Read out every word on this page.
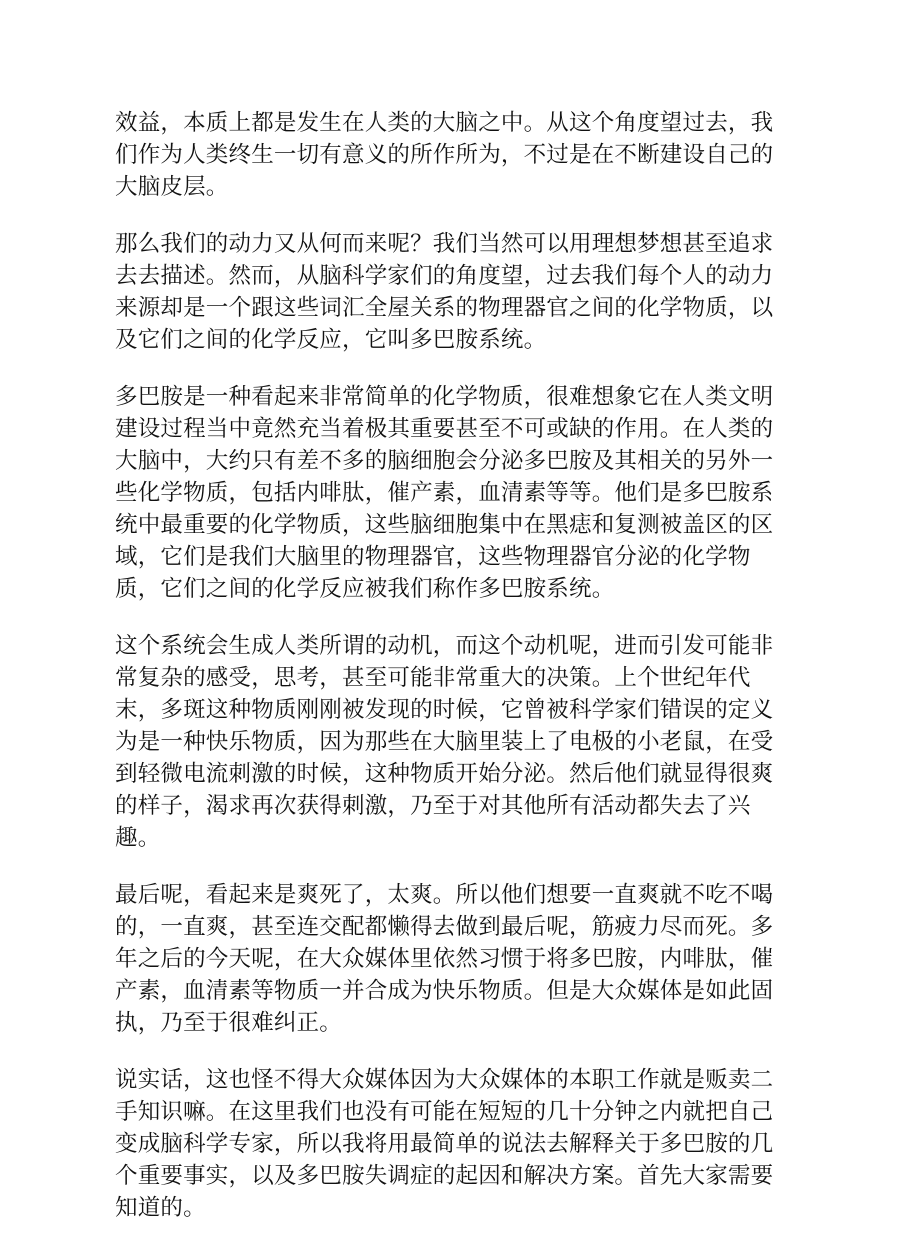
效益，本质上都是发生在人类的大脑之中。从这个角度望过去，我们作为人类终生一切有意义的所作所为，不过是在不断建设自己的大脑皮层。

那么我们的动力又从何而来呢？我们当然可以用理想梦想甚至追求去去描述。然而，从脑科学家们的角度望，过去我们每个人的动力来源却是一个跟这些词汇全屋关系的物理器官之间的化学物质，以及它们之间的化学反应，它叫多巴胺系统。

多巴胺是一种看起来非常简单的化学物质，很难想象它在人类文明建设过程当中竟然充当着极其重要甚至不可或缺的作用。在人类的大脑中，大约只有差不多的脑细胞会分泌多巴胺及其相关的另外一些化学物质，包括内啡肽，催产素，血清素等等。他们是多巴胺系统中最重要的化学物质，这些脑细胞集中在黑痣和复测被盖区的区域，它们是我们大脑里的物理器官，这些物理器官分泌的化学物质，它们之间的化学反应被我们称作多巴胺系统。

这个系统会生成人类所谓的动机，而这个动机呢，进而引发可能非常复杂的感受，思考，甚至可能非常重大的决策。上个世纪年代末，多斑这种物质刚刚被发现的时候，它曾被科学家们错误的定义为是一种快乐物质，因为那些在大脑里装上了电极的小老鼠，在受到轻微电流刺激的时候，这种物质开始分泌。然后他们就显得很爽的样子，渴求再次获得刺激，乃至于对其他所有活动都失去了兴趣。

最后呢，看起来是爽死了，太爽。所以他们想要一直爽就不吃不喝的，一直爽，甚至连交配都懒得去做到最后呢，筋疲力尽而死。多年之后的今天呢，在大众媒体里依然习惯于将多巴胺，内啡肽，催产素，血清素等物质一并合成为快乐物质。但是大众媒体是如此固执，乃至于很难纠正。

说实话，这也怪不得大众媒体因为大众媒体的本职工作就是贩卖二手知识嘛。在这里我们也没有可能在短短的几十分钟之内就把自己变成脑科学专家，所以我将用最简单的说法去解释关于多巴胺的几个重要事实，以及多巴胺失调症的起因和解决方案。首先大家需要知道的。
